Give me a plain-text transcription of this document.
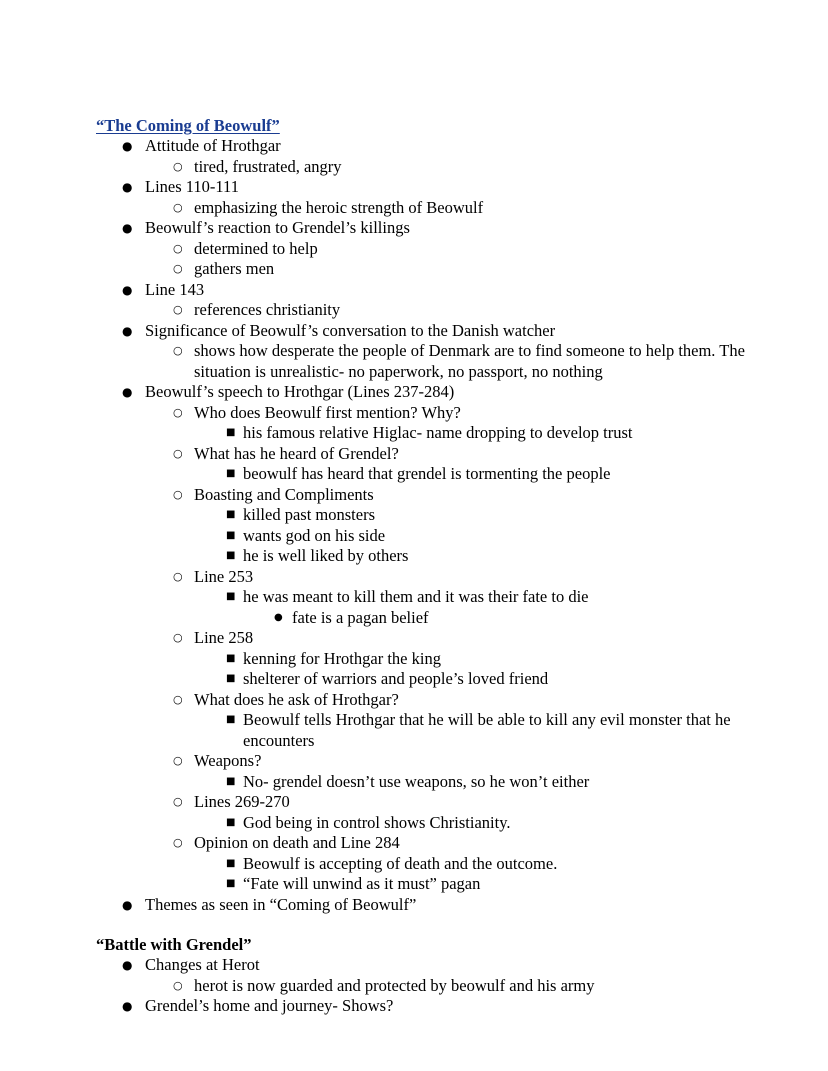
“The Coming of Beowulf”
● Attitude of Hrothgar
○ tired, frustrated, angry
● Lines 110-111
○ emphasizing the heroic strength of Beowulf
● Beowulf’s reaction to Grendel’s killings
○ determined to help
○ gathers men
● Line 143
○ references christianity
● Significance of Beowulf’s conversation to the Danish watcher
○ shows how desperate the people of Denmark are to find someone to help them. The situation is unrealistic- no paperwork, no passport, no nothing
● Beowulf’s speech to Hrothgar (Lines 237-284)
○ Who does Beowulf first mention? Why?
■ his famous relative Higlac- name dropping to develop trust
○ What has he heard of Grendel?
■ beowulf has heard that grendel is tormenting the people
○ Boasting and Compliments
■ killed past monsters
■ wants god on his side
■ he is well liked by others
○ Line 253
■ he was meant to kill them and it was their fate to die
● fate is a pagan belief
○ Line 258
■ kenning for Hrothgar the king
■ shelterer of warriors and people’s loved friend
○ What does he ask of Hrothgar?
■ Beowulf tells Hrothgar that he will be able to kill any evil monster that he encounters
○ Weapons?
■ No- grendel doesn’t use weapons, so he won’t either
○ Lines 269-270
■ God being in control shows Christianity.
○ Opinion on death and Line 284
■ Beowulf is accepting of death and the outcome.
■ “Fate will unwind as it must” pagan
● Themes as seen in “Coming of Beowulf”
“Battle with Grendel”
● Changes at Herot
○ herot is now guarded and protected by beowulf and his army
● Grendel’s home and journey- Shows?
